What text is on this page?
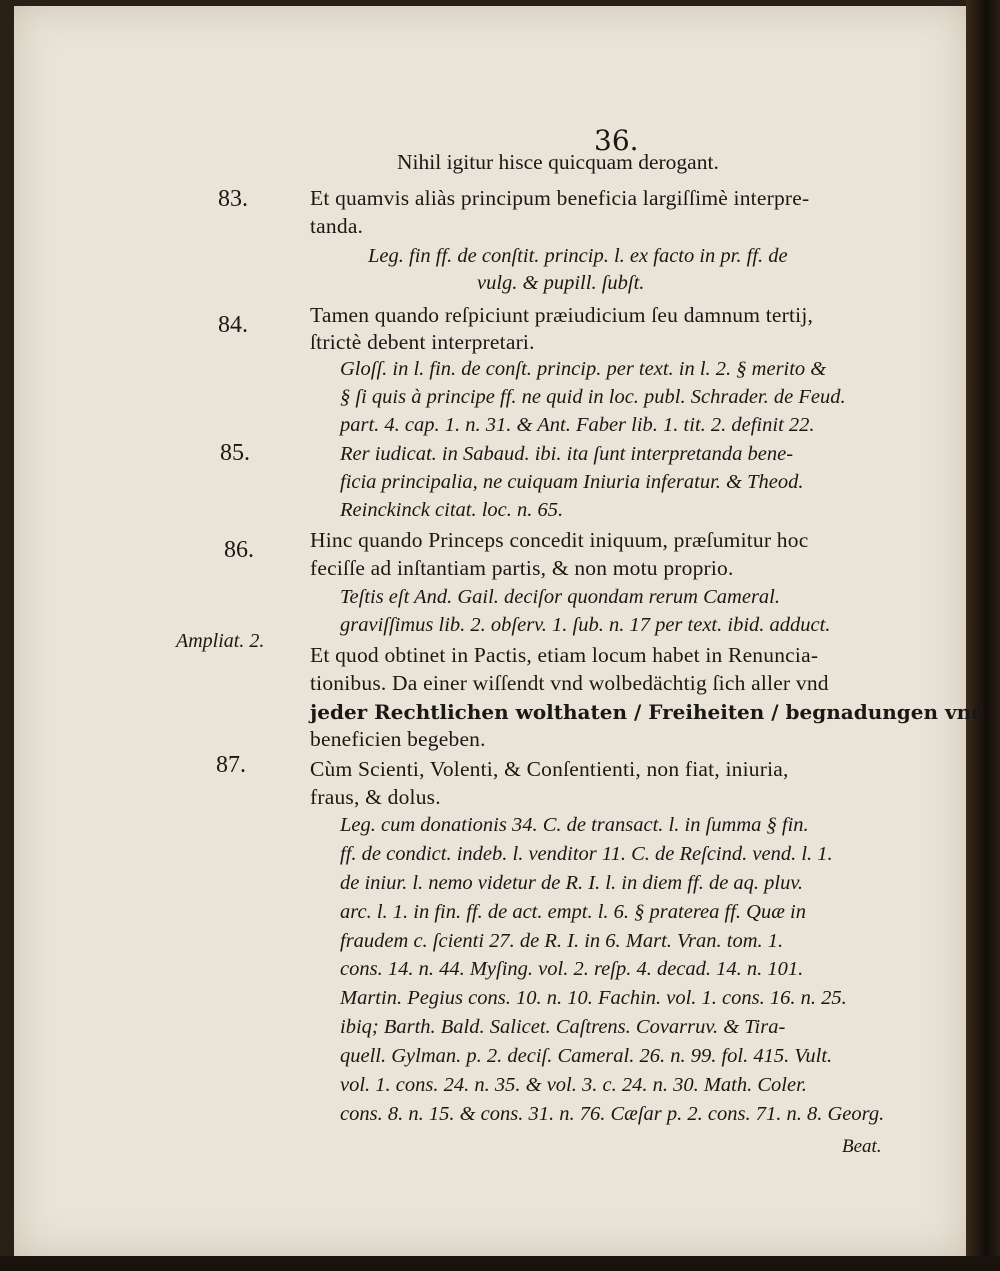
36.
Nihil igitur hisce quicquam derogant.
83.
84.
85.
86.
Ampliat. 2.
87.
Et quamvis aliàs principum beneficia largiſſimè interpre-
tanda.
Leg. fin ff. de conſtit. princip. l. ex facto in pr. ff. de
vulg. & pupill. ſubſt.
Tamen quando reſpiciunt præiudicium ſeu damnum tertij,
ſtrictè debent interpretari.
Gloſſ. in l. fin. de conſt. princip. per text. in l. 2. § merito &
§ ſi quis à principe ff. ne quid in loc. publ. Schrader. de Feud.
part. 4. cap. 1. n. 31. & Ant. Faber lib. 1. tit. 2. definit 22.
Rer iudicat. in Sabaud. ibi. ita ſunt interpretanda bene-
ficia principalia, ne cuiquam Iniuria inferatur. & Theod.
Reinckinck citat. loc. n. 65.
Hinc quando Princeps concedit iniquum, præſumitur hoc
feciſſe ad inſtantiam partis, & non motu proprio.
Teſtis eſt And. Gail. deciſor quondam rerum Cameral.
graviſſimus lib. 2. obſerv. 1. ſub. n. 17 per text. ibid. adduct.
Et quod obtinet in Pactis, etiam locum habet in Renuncia-
tionibus. Da einer wiſſendt vnd wolbedächtig ſich aller vnd
jeder Rechtlichen wolthaten / Freiheiten / begnadungen vnd
beneficien begeben.
Cùm Scienti, Volenti, & Conſentienti, non fiat, iniuria,
fraus, & dolus.
Leg. cum donationis 34. C. de transact. l. in ſumma § fin.
ff. de condict. indeb. l. venditor 11. C. de Reſcind. vend. l. 1.
de iniur. l. nemo videtur de R. I. l. in diem ff. de aq. pluv.
arc. l. 1. in fin. ff. de act. empt. l. 6. § praterea ff. Quæ in
fraudem c. ſcienti 27. de R. I. in 6. Mart. Vran. tom. 1.
cons. 14. n. 44. Myſing. vol. 2. reſp. 4. decad. 14. n. 101.
Martin. Pegius cons. 10. n. 10. Fachin. vol. 1. cons. 16. n. 25.
ibiq; Barth. Bald. Salicet. Caſtrens. Covarruv. & Tira-
quell. Gylman. p. 2. deciſ. Cameral. 26. n. 99. fol. 415. Vult.
vol. 1. cons. 24. n. 35. & vol. 3. c. 24. n. 30. Math. Coler.
cons. 8. n. 15. & cons. 31. n. 76. Cæſar p. 2. cons. 71. n. 8. Georg.
Beat.
